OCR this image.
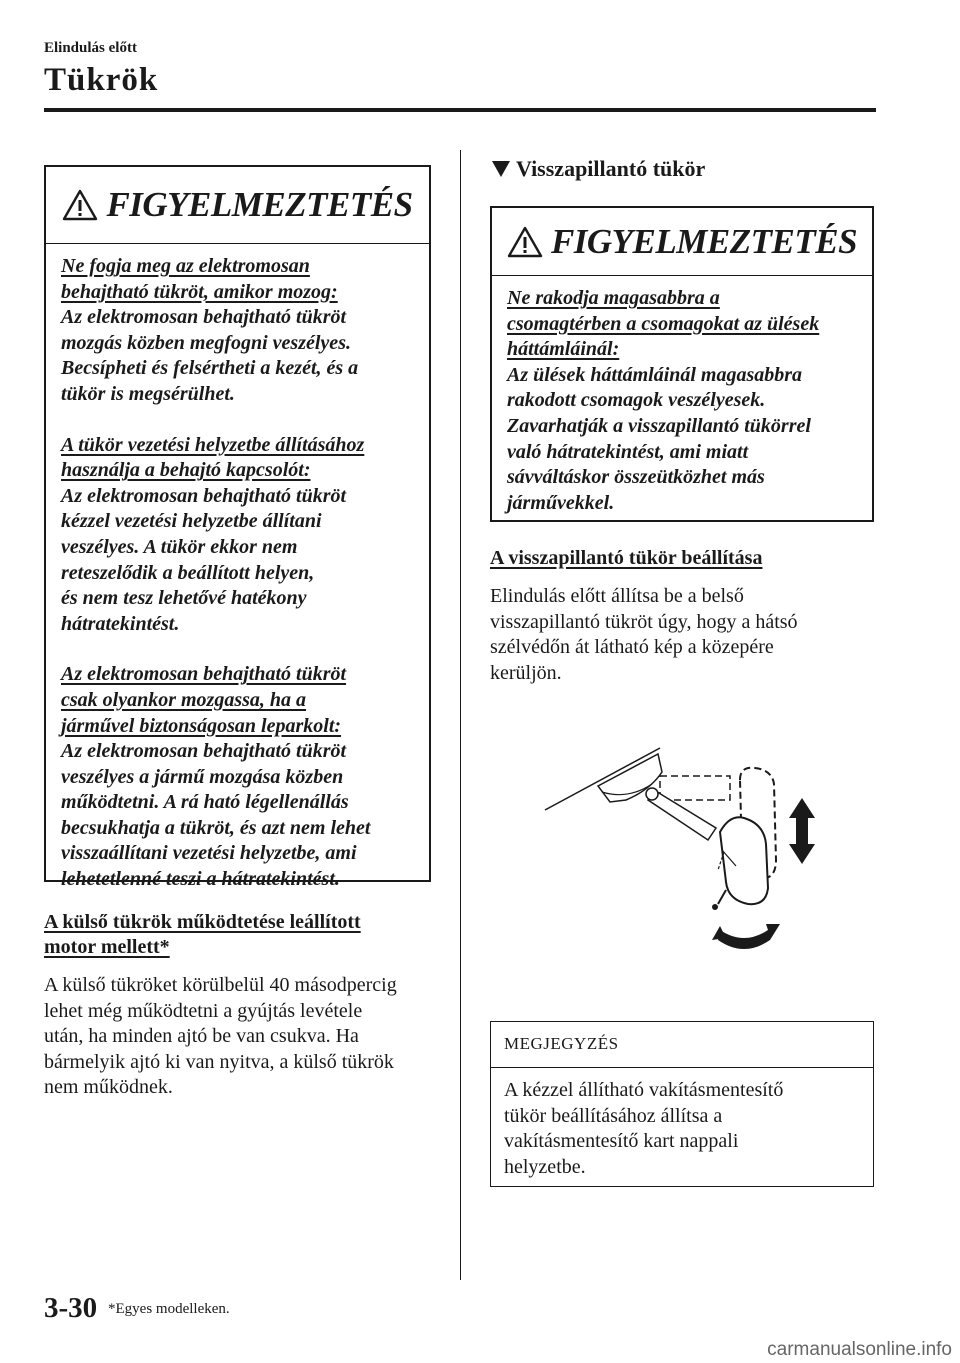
Elindulás előtt
Tükrök
FIGYELMEZTETÉS

Ne fogja meg az elektromosan
behajtható tükröt, amikor mozog:
Az elektromosan behajtható tükröt
mozgás közben megfogni veszélyes.
Becsípheti és felsértheti a kezét, és a
tükör is megsérülhet.

A tükör vezetési helyzetbe állításához
használja a behajtó kapcsolót:
Az elektromosan behajtható tükröt
kézzel vezetési helyzetbe állítani
veszélyes. A tükör ekkor nem
reteszelődik a beállított helyen,
és nem tesz lehetővé hatékony
hátratekintést.

Az elektromosan behajtható tükröt
csak olyankor mozgassa, ha a
járművel biztonságosan leparkolt:
Az elektromosan behajtható tükröt
veszélyes a jármű mozgása közben
működtetni. A rá ható légellenállás
becsukhatja a tükröt, és azt nem lehet
visszaállítani vezetési helyzetbe, ami
lehetetlenné teszi a hátratekintést.

A külső tükrök működtetése leállított
motor mellett*
A külső tükröket körülbelül 40 másodpercig
lehet még működtetni a gyújtás levétele
után, ha minden ajtó be van csukva. Ha
bármelyik ajtó ki van nyitva, a külső tükrök
nem működnek.
Visszapillantó tükör
FIGYELMEZTETÉS

Ne rakodja magasabbra a
csomagtérben a csomagokat az ülések
háttámláinál:
Az ülések háttámláinál magasabbra
rakodott csomagok veszélyesek.
Zavarhatják a visszapillantó tükörrel
való hátratekintést, ami miatt
sávváltáskor összeütközhet más
járművekkel.

A visszapillantó tükör beállítása
Elindulás előtt állítsa be a belső
visszapillantó tükröt úgy, hogy a hátsó
szélvédőn át látható kép a közepére
kerüljön.
MEGJEGYZÉS
A kézzel állítható vakításmentesítő
tükör beállításához állítsa a
vakításmentesítő kart nappali
helyzetbe.
3-30 *Egyes modelleken.
carmanualsonline.info
